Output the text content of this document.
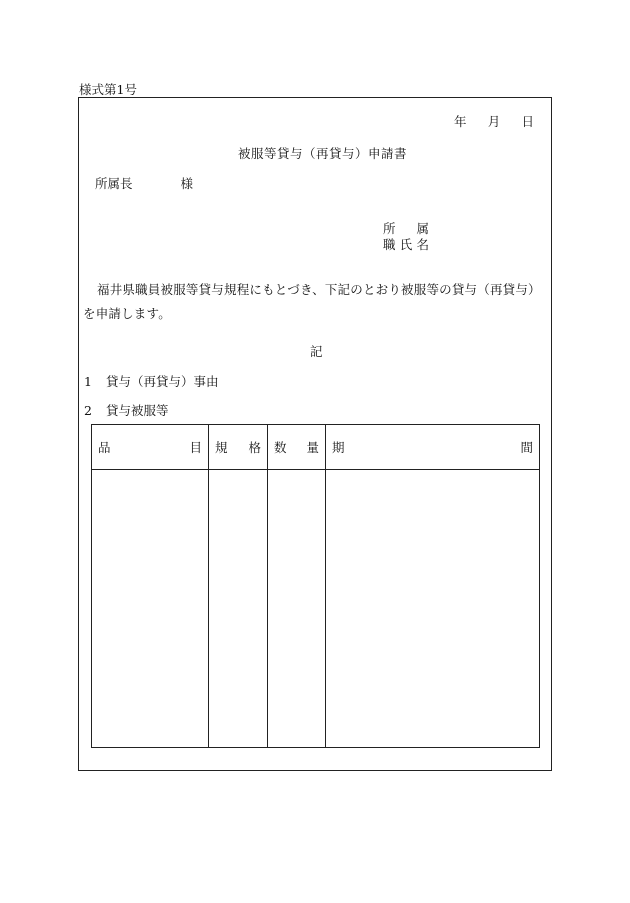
様式第1号
年 月 日
被服等貸与（再貸与）申請書
所属長	様
所 属
職 氏 名
福井県職員被服等貸与規程にもとづき、下記のとおり被服等の貸与（再貸与）を申請します。
記
1 貸与（再貸与）事由
2 貸与被服等
品 目	規 格	数 量	期 間
